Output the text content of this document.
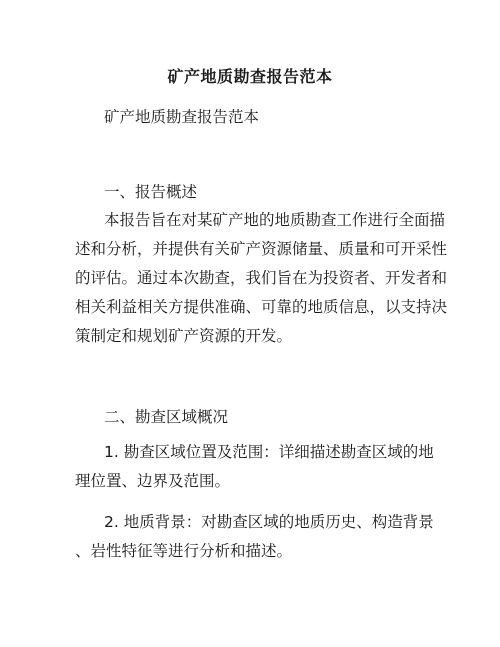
矿产地质勘查报告范本
矿产地质勘查报告范本
一、报告概述
本报告旨在对某矿产地的地质勘查工作进行全面描
述和分析，并提供有关矿产资源储量、质量和可开采性
的评估。通过本次勘查，我们旨在为投资者、开发者和
相关利益相关方提供准确、可靠的地质信息，以支持决
策制定和规划矿产资源的开发。
二、勘查区域概况
1. 勘查区域位置及范围：详细描述勘查区域的地
理位置、边界及范围。
2. 地质背景：对勘查区域的地质历史、构造背景
、岩性特征等进行分析和描述。
